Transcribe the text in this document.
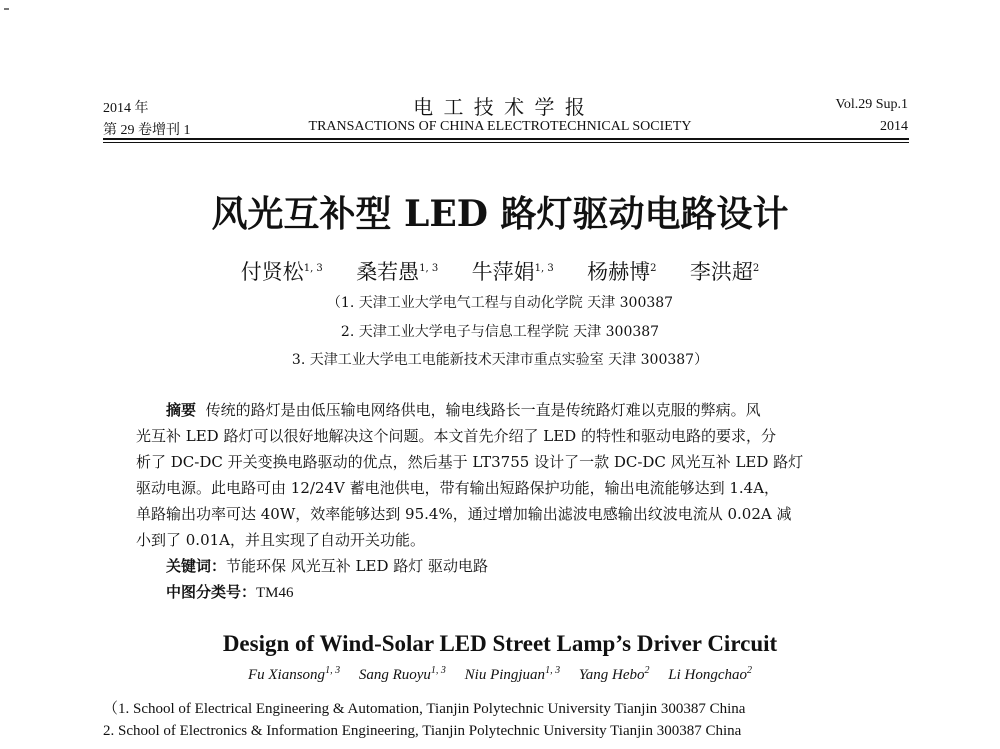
2014 年
第 29 卷增刊 1
电 工 技 术 学 报
TRANSACTIONS OF CHINA ELECTROTECHNICAL SOCIETY
Vol.29 Sup.1
2014
风光互补型 LED 路灯驱动电路设计
付贤松$^{1, 3}$ 桑若愚$^{1, 3}$ 牛萍娟$^{1, 3}$ 杨赫博$^2$ 李洪超$^2$
（1. 天津工业大学电气工程与自动化学院 天津 300387
2. 天津工业大学电子与信息工程学院 天津 300387
3. 天津工业大学电工电能新技术天津市重点实验室 天津 300387）
摘要 传统的路灯是由低压输电网络供电，输电线路长一直是传统路灯难以克服的弊病。风
光互补 LED 路灯可以很好地解决这个问题。本文首先介绍了 LED 的特性和驱动电路的要求，分
析了 DC-DC 开关变换电路驱动的优点，然后基于 LT3755 设计了一款 DC-DC 风光互补 LED 路灯
驱动电源。此电路可由 12/24V 蓄电池供电，带有输出短路保护功能，输出电流能够达到 1.4A，
单路输出功率可达 40W，效率能够达到 95.4%，通过增加输出滤波电感输出纹波电流从 0.02A 减
小到了 0.01A，并且实现了自动开关功能。
关键词：节能环保 风光互补 LED 路灯 驱动电路
中图分类号：TM46
Design of Wind-Solar LED Street Lamp’s Driver Circuit
Fu Xiansong$^{1, 3}$ Sang Ruoyu$^{1, 3}$ Niu Pingjuan$^{1, 3}$ Yang Hebo$^2$ Li Hongchao$^2$
（1. School of Electrical Engineering & Automation, Tianjin Polytechnic University Tianjin 300387 China
2. School of Electronics & Information Engineering, Tianjin Polytechnic University Tianjin 300387 China
